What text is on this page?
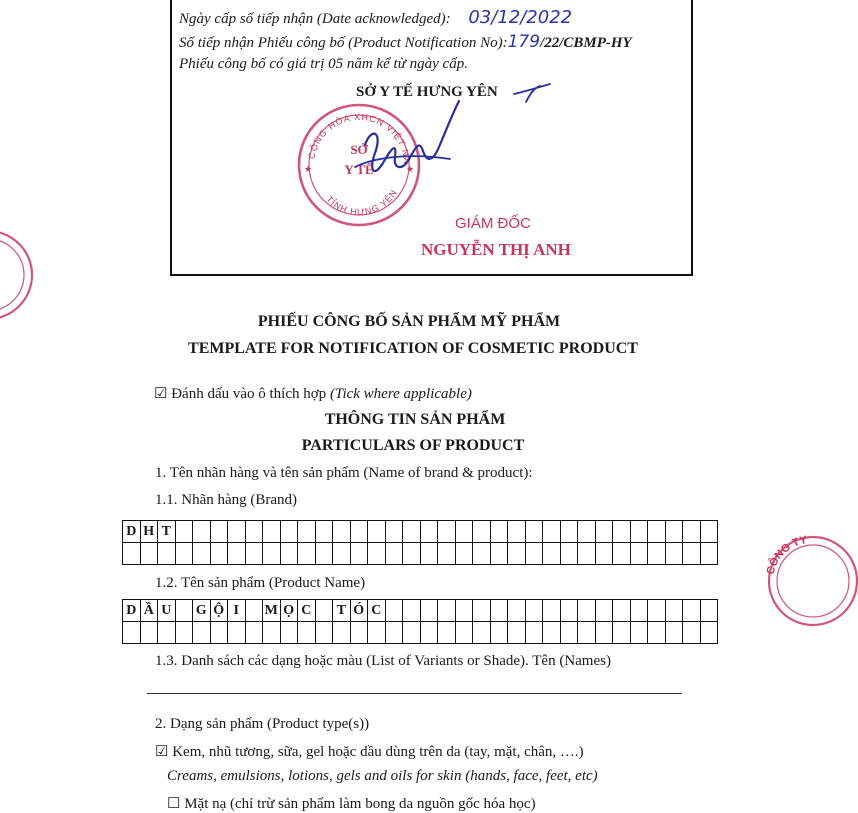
CÔNG TY
Ngày cấp số tiếp nhận (Date acknowledged): 03/12/2022
Số tiếp nhận Phiếu công bố (Product Notification No):179/22/CBMP-HY
Phiếu công bố có giá trị 05 năm kể từ ngày cấp.
SỞ Y TẾ HƯNG YÊN
CỘNG HÒA XHCN VIỆT NAM
TỈNH HƯNG YÊN
SỞ
Y TẾ
★	★
GIÁM ĐỐC
NGUYỄN THỊ ANH
PHIẾU CÔNG BỐ SẢN PHẨM MỸ PHẨM
TEMPLATE FOR NOTIFICATION OF COSMETIC PRODUCT
☑ Đánh dấu vào ô thích hợp (Tick where applicable)
THÔNG TIN SẢN PHẨM
PARTICULARS OF PRODUCT
1. Tên nhãn hàng và tên sản phẩm (Name of brand & product):
1.1. Nhãn hàng (Brand)
D	H	T																															

1.2. Tên sản phẩm (Product Name)
D	Ầ	U		G	Ộ	I		M	Ọ	C		T	Ó	C																			

1.3. Danh sách các dạng hoặc màu (List of Variants or Shade). Tên (Names)
2. Dạng sản phẩm (Product type(s))
☑ Kem, nhũ tương, sữa, gel hoặc dầu dùng trên da (tay, mặt, chân, ….)
Creams, emulsions, lotions, gels and oils for skin (hands, face, feet, etc)
☐ Mặt nạ (chỉ trừ sản phẩm làm bong da nguồn gốc hóa học)
